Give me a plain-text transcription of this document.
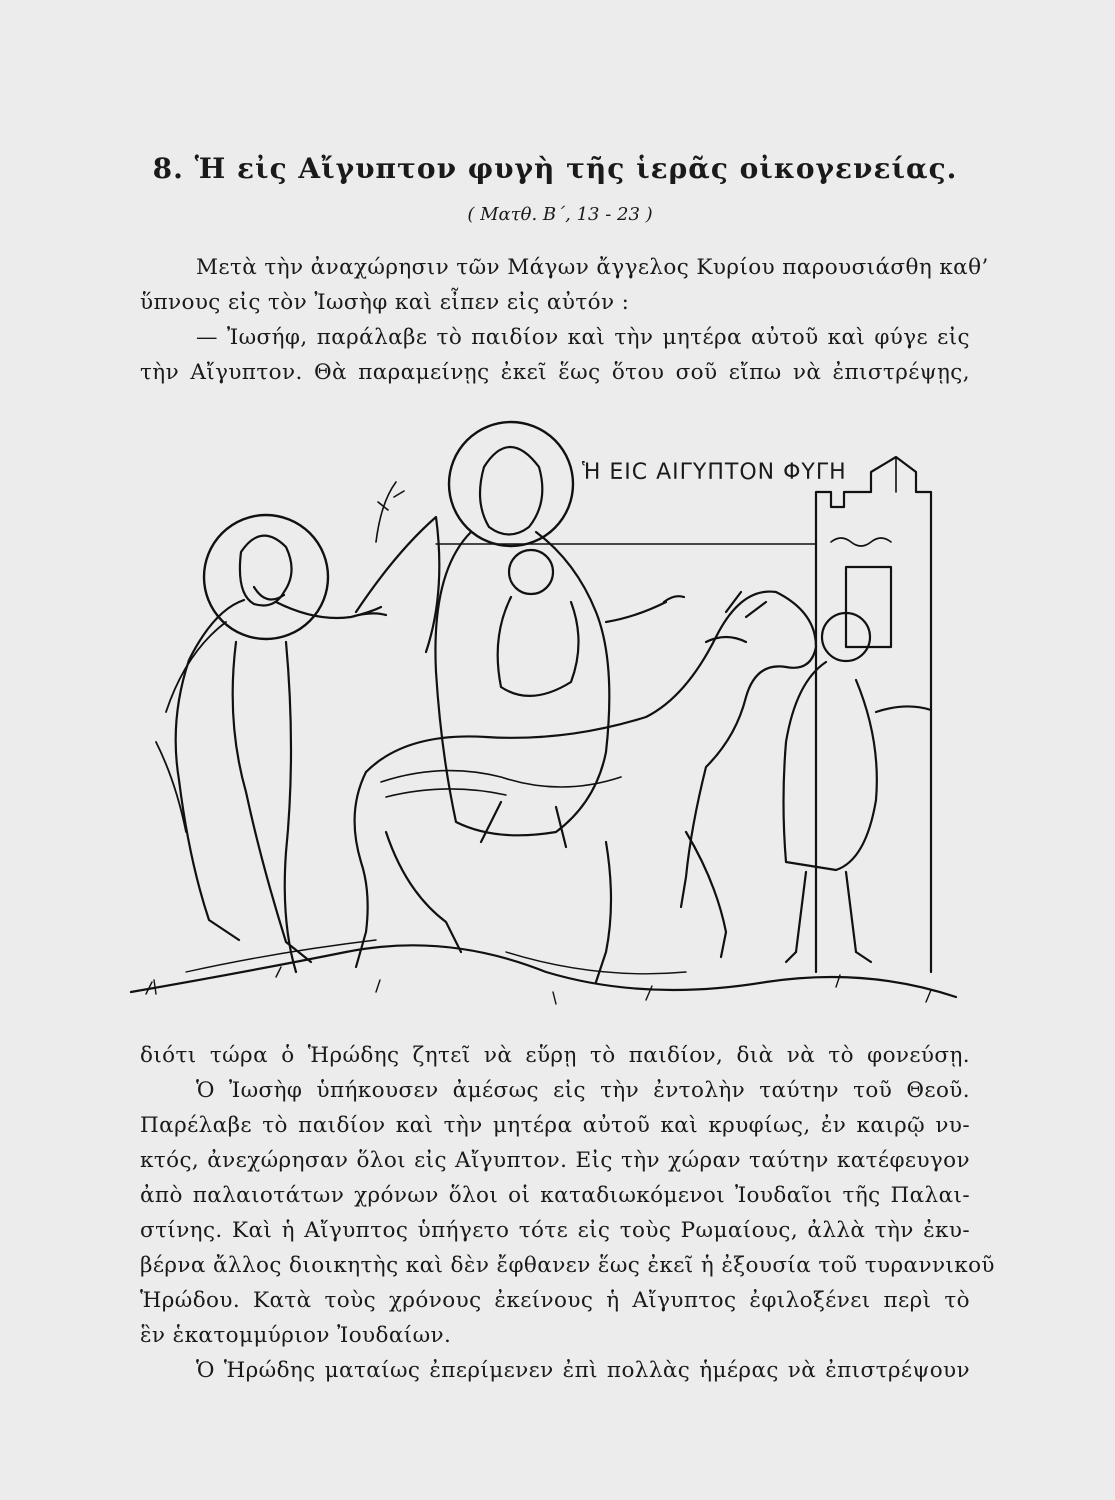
8. Ἡ εἰς Αἴγυπτον φυγὴ τῆς ἱερᾶς οἰκογενείας.
( Ματθ. Β΄, 13 - 23 )
Μετὰ τὴν ἀναχώρησιν τῶν Μάγων ἄγγελος Κυρίου παρουσιάσθη καθ’
ὕπνους εἰς τὸν Ἰωσὴφ καὶ εἶπεν εἰς αὐτόν :
— Ἰωσήφ, παράλαβε τὸ παιδίον καὶ τὴν μητέρα αὐτοῦ καὶ φύγε εἰς
τὴν Αἴγυπτον. Θὰ παραμείνῃς ἐκεῖ ἕως ὅτου σοῦ εἴπω νὰ ἐπιστρέψῃς,
Ἡ ΕΙC ΑΙΓΥΠΤΟΝ ΦΥΓΗ
διότι τώρα ὁ Ἡρώδης ζητεῖ νὰ εὕρῃ τὸ παιδίον, διὰ νὰ τὸ φονεύσῃ.
Ὁ Ἰωσὴφ ὑπήκουσεν ἀμέσως εἰς τὴν ἐντολὴν ταύτην τοῦ Θεοῦ.
Παρέλαβε τὸ παιδίον καὶ τὴν μητέρα αὐτοῦ καὶ κρυφίως, ἐν καιρῷ νυ-
κτός, ἀνεχώρησαν ὅλοι εἰς Αἴγυπτον. Εἰς τὴν χώραν ταύτην κατέφευγον
ἀπὸ παλαιοτάτων χρόνων ὅλοι οἱ καταδιωκόμενοι Ἰουδαῖοι τῆς Παλαι-
στίνης. Καὶ ἡ Αἴγυπτος ὑπήγετο τότε εἰς τοὺς Ρωμαίους, ἀλλὰ τὴν ἐκυ-
βέρνα ἄλλος διοικητὴς καὶ δὲν ἔφθανεν ἕως ἐκεῖ ἡ ἐξουσία τοῦ τυραννικοῦ
Ἡρώδου. Κατὰ τοὺς χρόνους ἐκείνους ἡ Αἴγυπτος ἐφιλοξένει περὶ τὸ
ἓν ἑκατομμύριον Ἰουδαίων.
Ὁ Ἡρώδης ματαίως ἐπερίμενεν ἐπὶ πολλὰς ἡμέρας νὰ ἐπιστρέψουν
